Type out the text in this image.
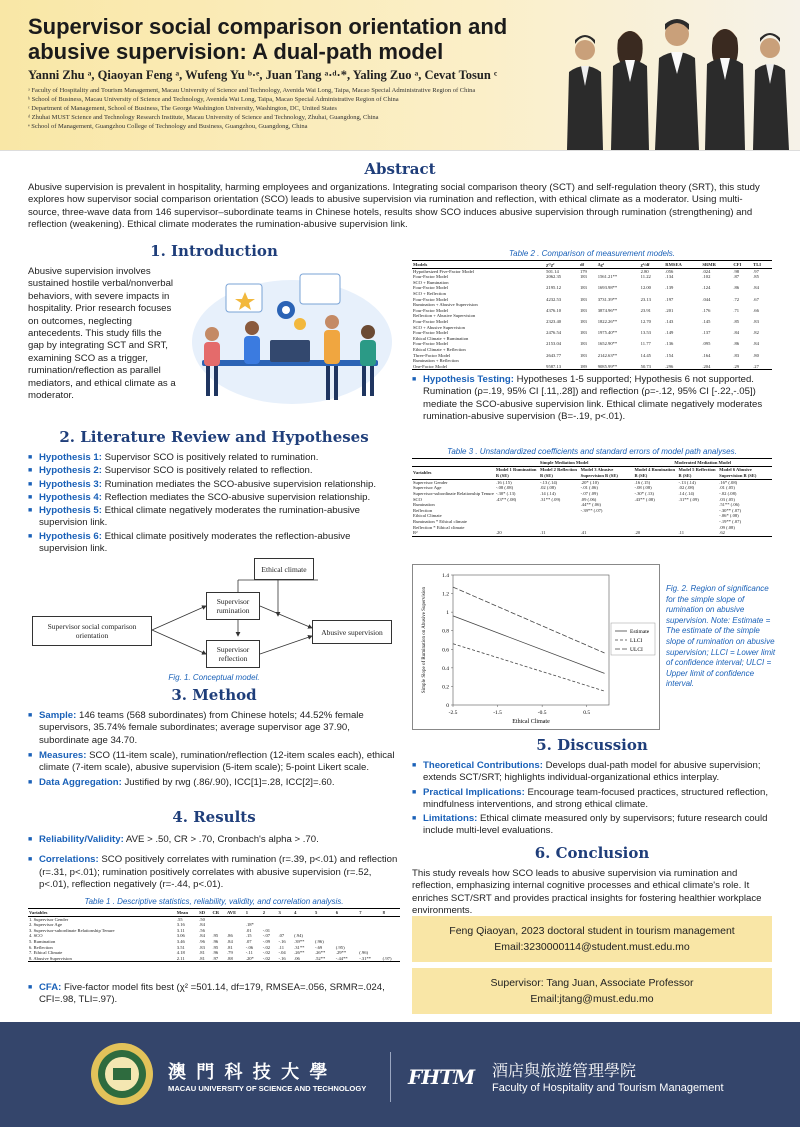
Supervisor social comparison orientation and abusive supervision: A dual-path model
Yanni Zhu ᵃ, Qiaoyan Feng ᵃ, Wufeng Yu ᵇ·ᵉ, Juan Tang ᵃ·ᵈ·*, Yaling Zuo ᵃ, Cevat Tosun ᶜ
ᵃ Faculty of Hospitality and Tourism Management, Macau University of Science and Technology, Avenida Wai Long, Taipa, Macao Special Administrative Region of China
ᵇ School of Business, Macau University of Science and Technology, Avenida Wai Long, Taipa, Macao Special Administrative Region of China
ᶜ Department of Management, School of Business, The George Washington University, Washington, DC, United States
ᵈ Zhuhai MUST Science and Technology Research Institute, Macau University of Science and Technology, Zhuhai, Guangdong, China
ᵉ School of Management, Guangzhou College of Technology and Business, Guangzhou, Guangdong, China
Abstract
Abusive supervision is prevalent in hospitality, harming employees and organizations. Integrating social comparison theory (SCT) and self-regulation theory (SRT), this study explores how supervisor social comparison orientation (SCO) leads to abusive supervision via rumination and reflection, with ethical climate as a moderator. Using multi-source, three-wave data from 146 supervisor–subordinate teams in Chinese hotels, results show SCO induces abusive supervision through rumination (strengthening) and reflection (weakening). Ethical climate moderates the rumination-abusive supervision link.
1. Introduction
Abusive supervision involves sustained hostile verbal/nonverbal behaviors, with severe impacts in hospitality. Prior research focuses on outcomes, neglecting antecedents. This study fills the gap by integrating SCT and SRT, examining SCO as a trigger, rumination/reflection as parallel mediators, and ethical climate as a moderator.
2. Literature Review and Hypotheses
■ Hypothesis 1: Supervisor SCO is positively related to rumination.
■ Hypothesis 2: Supervisor SCO is positively related to reflection.
■ Hypothesis 3: Rumination mediates the SCO-abusive supervision relationship.
■ Hypothesis 4: Reflection mediates the SCO-abusive supervision relationship.
■ Hypothesis 5: Ethical climate negatively moderates the rumination-abusive supervision link.
■ Hypothesis 6: Ethical climate positively moderates the reflection-abusive supervision link.
Supervisor social comparison orientation
Supervisor rumination
Supervisor reflection
Ethical climate
Abusive supervision
Fig. 1. Conceptual model.
3. Method
■ Sample: 146 teams (568 subordinates) from Chinese hotels; 44.52% female supervisors, 35.74% female subordinates; average supervisor age 37.90, subordinate age 34.70.
■ Measures: SCO (11-item scale), rumination/reflection (12-item scales each), ethical climate (7-item scale), abusive supervision (5-item scale); 5-point Likert scale.
■ Data Aggregation: Justified by rwg (.86/.90), ICC[1]=.28, ICC[2]=.60.
4. Results
■ Reliability/Validity: AVE > .50, CR > .70, Cronbach's alpha > .70.
■ Correlations: SCO positively correlates with rumination (r=.39, p<.01) and reflection (r=.31, p<.01); rumination positively correlates with abusive supervision (r=.52, p<.01), reflection negatively (r=-.44, p<.01).
Table 1 . Descriptive statistics, reliability, validity, and correlation analysis.
Variables	Mean	SD	CR	AVE	1	2	3	4	5	6	7	8
1. Supervisor Gender	.55	.50										
2. Supervisor Age	3.16	.84			.18*							
3. Supervisor-subordinate Relationship Tenure	3.11	.56			.01	-.01						
4. SCO	3.06	.84	.95	.86	.15	-.07	.07	(.94)				
5. Rumination	3.46	.96	.96	.84	.07	-.09	-.16	.39**	(.96)			
6. Reflection	3.51	.83	.95	.81	-.06	-.02	.11	.31**	-.69	(.95)		
7. Ethical Climate	4.18	.81	.96	.79	-.11	-.02	-.04	.26**	.26**	.29**	(.96)	
8. Abusive Supervision	2.11	.81	.97	.88	.20*	-.02	-.16	.06	.52**	-.44**	-.31**	(.97)
■ CFA: Five-factor model fits best (χ² =501.14, df=179, RMSEA=.056, SRMR=.024, CFI=.98, TLI=.97).
Table 2 . Comparison of measurement models.
Models	χ²/χ²	df	Δχ²	χ²/df	RMSEA	SRMR	CFI	TLI
Hypothesized Five-Factor Model	501.14	179		2.80	.056	.024	.98	.97
Four-Factor Model	2062.35	183	1561.21**	11.22	.134	.102	.87	.85
SCO + Rumination								
Four-Factor Model	2195.12	183	1693.98**	12.00	.139	.124	.86	.84
SCO + Reflection								
Four-Factor Model	4232.53	183	3731.39**	23.13	.197	.044	.72	.67
Rumination + Abusive Supervision								
Four-Factor Model	4376.10	183	3874.96**	23.91	.201	.176	.71	.66
Reflection + Abusive Supervision								
Four-Factor Model	2323.40	183	1822.26**	12.70	.143	.145	.85	.83
SCO + Abusive Supervision								
Four-Factor Model	2476.54	183	1975.40**	13.53	.149	.137	.84	.82
Ethical Climate + Rumination								
Four-Factor Model	2153.04	183	1652.90**	11.77	.136	.095	.86	.84
Ethical Climate + Reflection								
Three-Factor Model	2643.77	183	2142.63**	14.45	.154	.164	.83	.80
Rumination + Reflection								
One-Factor Model	9587.13	189	9085.99**	50.73	.296	.204	.29	.27
■ Hypothesis Testing: Hypotheses 1-5 supported; Hypothesis 6 not supported. Rumination (ρ=.19, 95% CI [.11,.28]) and reflection (ρ=-.12, 95% CI [-.22,-.05]) mediate the SCO-abusive supervision link. Ethical climate negatively moderates rumination-abusive supervision (B=-.19, p<.01).
Table 3 . Unstandardized coefficients and standard errors of model path analyses.
	Simple Mediation Model			Moderated Mediation Model		
Variables	Model 1 Rumination B (SE)	Model 2 Reflection B (SE)	Model 3 Abusive Supervision B (SE)	Model 4 Rumination B (SE)	Model 5 Reflection B (SE)	Model 6 Abusive Supervision B (SE)
Supervisor Gender	.16 (.15)	-.13 (.14)	.20* (.10)	.16 (.15)	-.13 (.14)	.16* (.08)
Supervisor Age	-.08 (.08)	.02 (.08)	-.01 (.06)	-.08 (.08)	.02 (.08)	.01 (.05)
Supervisor-subordinate Relationship Tenure	-.30* (.13)	.14 (.14)	-.07 (.09)	-.30* (.13)	.14 (.14)	-.02 (.08)
SCO	.43** (.08)	.31** (.09)	.09 (.06)	.43** (.08)	.31** (.09)	.03 (.05)
Rumination			.44** (.06)			.51** (.06)
Reflection			-.39** (.07)			-.30** (.07)
Ethical Climate						-.06* (.08)
Rumination * Ethical climate						-.19** (.07)
Reflection * Ethical climate						.09 (.08)
R²	.20	.11	.41	.20	.11	.62
0
0.2
0.4
0.6
0.8
1
1.2
1.4
-2.5	-1.5	-0.5	0.5
Ethical Climate
Simple Slope of Rumination on Abusive Supervision	Estimate
LLCI
ULCI
Fig. 2. Region of significance for the simple slope of rumination on abusive supervision. Note: Estimate = The estimate of the simple slope of rumination on abusive supervision; LLCI = Lower limit of confidence interval; ULCI = Upper limit of confidence interval.
5. Discussion
■ Theoretical Contributions: Develops dual-path model for abusive supervision; extends SCT/SRT; highlights individual-organizational ethics interplay.
■ Practical Implications: Encourage team-focused practices, structured reflection, mindfulness interventions, and strong ethical climate.
■ Limitations: Ethical climate measured only by supervisors; future research could include multi-level evaluations.
6. Conclusion
This study reveals how SCO leads to abusive supervision via rumination and reflection, emphasizing internal cognitive processes and ethical climate's role. It enriches SCT/SRT and provides practical insights for fostering healthier workplace environments.
Feng Qiaoyan, 2023 doctoral student in tourism management
Email:3230000114@student.must.edu.mo
Supervisor: Tang Juan, Associate Professor
Email:jtang@must.edu.mo
澳 門 科 技 大 學
MACAU UNIVERSITY OF SCIENCE AND TECHNOLOGY	FHTM	酒店與旅遊管理學院
Faculty of Hospitality and Tourism Management
